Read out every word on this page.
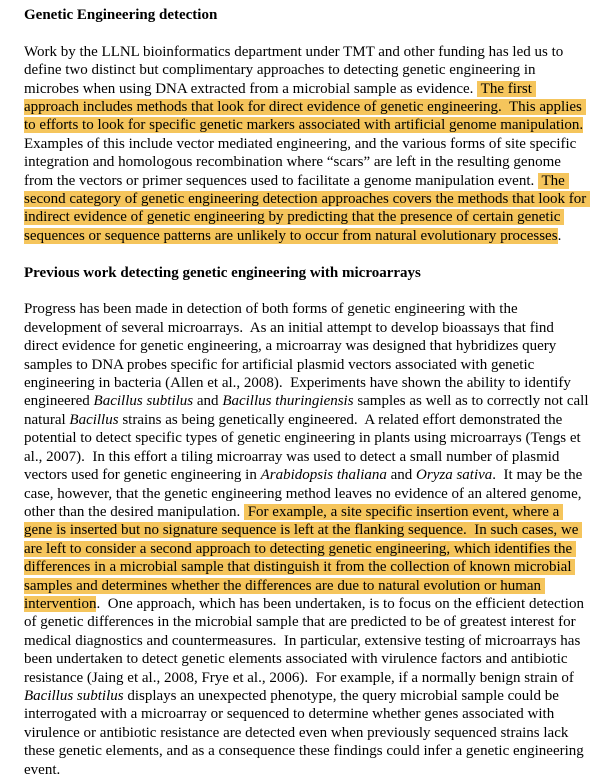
Genetic Engineering detection

Work by the LLNL bioinformatics department under TMT and other funding has led us to define two distinct but complimentary approaches to detecting genetic engineering in microbes when using DNA extracted from a microbial sample as evidence.  The first approach includes methods that look for direct evidence of genetic engineering.  This applies to efforts to look for specific genetic markers associated with artificial genome manipulation.  Examples of this include vector mediated engineering, and the various forms of site specific integration and homologous recombination where “scars” are left in the resulting genome from the vectors or primer sequences used to facilitate a genome manipulation event.  The second category of genetic engineering detection approaches covers the methods that look for indirect evidence of genetic engineering by predicting that the presence of certain genetic sequences or sequence patterns are unlikely to occur from natural evolutionary processes.

Previous work detecting genetic engineering with microarrays

Progress has been made in detection of both forms of genetic engineering with the development of several microarrays.  As an initial attempt to develop bioassays that find direct evidence for genetic engineering, a microarray was designed that hybridizes query samples to DNA probes specific for artificial plasmid vectors associated with genetic engineering in bacteria (Allen et al., 2008).  Experiments have shown the ability to identify engineered Bacillus subtilus and Bacillus thuringiensis samples as well as to correctly not call natural Bacillus strains as being genetically engineered.  A related effort demonstrated the potential to detect specific types of genetic engineering in plants using microarrays (Tengs et al., 2007).  In this effort a tiling microarray was used to detect a small number of plasmid vectors used for genetic engineering in Arabidopsis thaliana and Oryza sativa.  It may be the case, however, that the genetic engineering method leaves no evidence of an altered genome, other than the desired manipulation.  For example, a site specific insertion event, where a gene is inserted but no signature sequence is left at the flanking sequence.  In such cases, we are left to consider a second approach to detecting genetic engineering, which identifies the differences in a microbial sample that distinguish it from the collection of known microbial samples and determines whether the differences are due to natural evolution or human intervention.  One approach, which has been undertaken, is to focus on the efficient detection of genetic differences in the microbial sample that are predicted to be of greatest interest for medical diagnostics and countermeasures.  In particular, extensive testing of microarrays has been undertaken to detect genetic elements associated with virulence factors and antibiotic resistance (Jaing et al., 2008, Frye et al., 2006).  For example, if a normally benign strain of Bacillus subtilus displays an unexpected phenotype, the query microbial sample could be interrogated with a microarray or sequenced to determine whether genes associated with virulence or antibiotic resistance are detected even when previously sequenced strains lack these genetic elements, and as a consequence these findings could infer a genetic engineering event.
